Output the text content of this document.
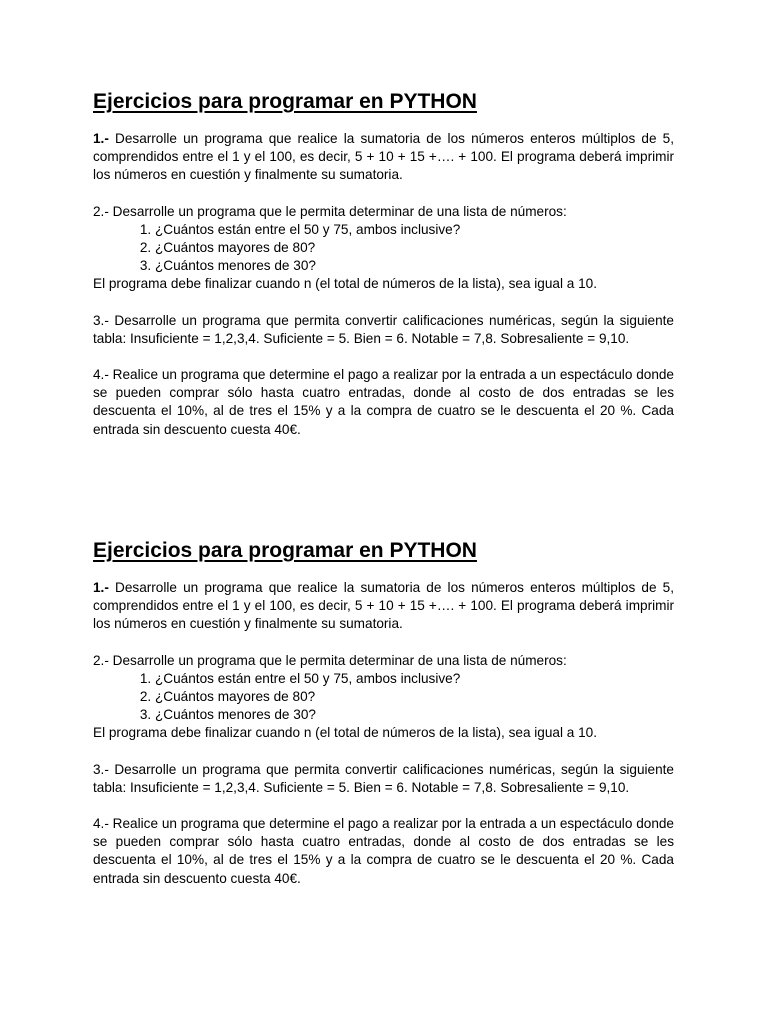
Ejercicios para programar en PYTHON

1.- Desarrolle un programa que realice la sumatoria de los números enteros múltiplos de 5, comprendidos entre el 1 y el 100, es decir, 5 + 10 + 15 +…. + 100. El programa deberá imprimir los números en cuestión y finalmente su sumatoria.

2.- Desarrolle un programa que le permita determinar de una lista de números:

1. ¿Cuántos están entre el 50 y 75, ambos inclusive?
2. ¿Cuántos mayores de 80?
3. ¿Cuántos menores de 30?

El programa debe finalizar cuando n (el total de números de la lista), sea igual a 10.

3.- Desarrolle un programa que permita convertir calificaciones numéricas, según la siguiente tabla: Insuficiente = 1,2,3,4. Suficiente = 5. Bien = 6. Notable = 7,8. Sobresaliente = 9,10.

4.- Realice un programa que determine el pago a realizar por la entrada a un espectáculo donde se pueden comprar sólo hasta cuatro entradas, donde al costo de dos entradas se les descuenta el 10%, al de tres el 15% y a la compra de cuatro se le descuenta el 20 %. Cada entrada sin descuento cuesta 40€.

Ejercicios para programar en PYTHON

1.- Desarrolle un programa que realice la sumatoria de los números enteros múltiplos de 5, comprendidos entre el 1 y el 100, es decir, 5 + 10 + 15 +…. + 100. El programa deberá imprimir los números en cuestión y finalmente su sumatoria.

2.- Desarrolle un programa que le permita determinar de una lista de números:

1. ¿Cuántos están entre el 50 y 75, ambos inclusive?
2. ¿Cuántos mayores de 80?
3. ¿Cuántos menores de 30?

El programa debe finalizar cuando n (el total de números de la lista), sea igual a 10.

3.- Desarrolle un programa que permita convertir calificaciones numéricas, según la siguiente tabla: Insuficiente = 1,2,3,4. Suficiente = 5. Bien = 6. Notable = 7,8. Sobresaliente = 9,10.

4.- Realice un programa que determine el pago a realizar por la entrada a un espectáculo donde se pueden comprar sólo hasta cuatro entradas, donde al costo de dos entradas se les descuenta el 10%, al de tres el 15% y a la compra de cuatro se le descuenta el 20 %. Cada entrada sin descuento cuesta 40€.
